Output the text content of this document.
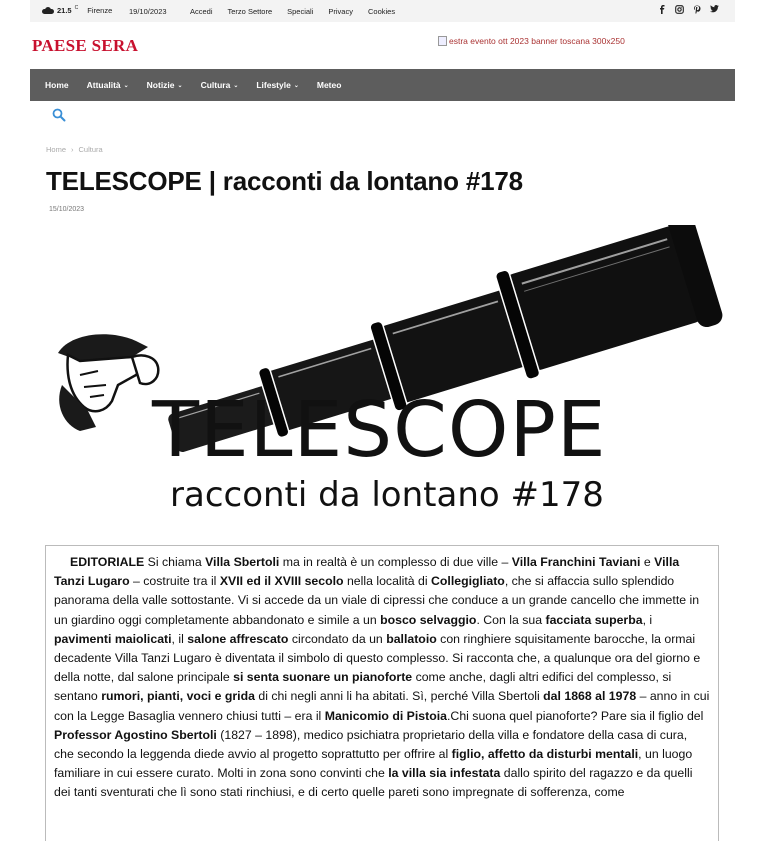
21.5 C Firenze 19/10/2023	Accedi Terzo Settore Speciali Privacy Cookies
PAESE SERA	estra evento ott 2023 banner toscana 300x250
Home Attualità ⌄ Notizie ⌄ Cultura ⌄ Lifestyle ⌄ Meteo
Home › Cultura
TELESCOPE | racconti da lontano #178
15/10/2023
TELESCOPE
racconti da lontano #178

EDITORIALE Si chiama Villa Sbertoli ma in realtà è un complesso di due ville – Villa Franchini Taviani e Villa Tanzi Lugaro – costruite tra il XVII ed il XVIII secolo nella località di Collegigliato, che si affaccia sullo splendido panorama della valle sottostante. Vi si accede da un viale di cipressi che conduce a un grande cancello che immette in un giardino oggi completamente abbandonato e simile a un bosco selvaggio. Con la sua facciata superba, i pavimenti maiolicati, il salone affrescato circondato da un ballatoio con ringhiere squisitamente barocche, la ormai decadente Villa Tanzi Lugaro è diventata il simbolo di questo complesso. Si racconta che, a qualunque ora del giorno e della notte, dal salone principale si senta suonare un pianoforte come anche, dagli altri edifici del complesso, si sentano rumori, pianti, voci e grida di chi negli anni li ha abitati. Sì, perché Villa Sbertoli dal 1868 al 1978 – anno in cui con la Legge Basaglia vennero chiusi tutti – era il Manicomio di Pistoia.Chi suona quel pianoforte? Pare sia il figlio del Professor Agostino Sbertoli (1827 – 1898), medico psichiatra proprietario della villa e fondatore della casa di cura, che secondo la leggenda diede avvio al progetto soprattutto per offrire al figlio, affetto da disturbi mentali, un luogo familiare in cui essere curato. Molti in zona sono convinti che la villa sia infestata dallo spirito del ragazzo e da quelli dei tanti sventurati che lì sono stati rinchiusi, e di certo quelle pareti sono impregnate di sofferenza, come
